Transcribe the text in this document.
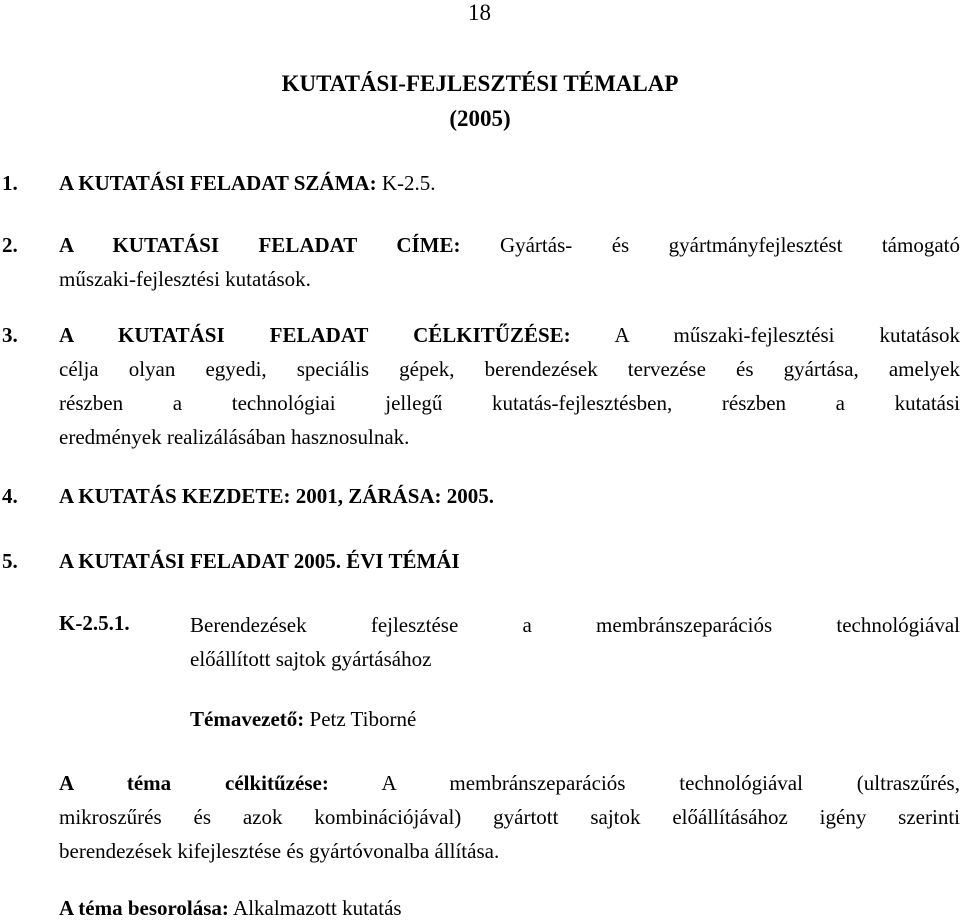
18
KUTATÁSI-FEJLESZTÉSI TÉMALAP
(2005)
1. A KUTATÁSI FELADAT SZÁMA: K-2.5.
2.	A KUTATÁSI FELADAT CÍME: Gyártás- és gyártmányfejlesztést támogató
műszaki-fejlesztési kutatások.
3.	A KUTATÁSI FELADAT CÉLKITŰZÉSE: A műszaki-fejlesztési kutatások
célja olyan egyedi, speciális gépek, berendezések tervezése és gyártása, amelyek
részben a technológiai jellegű kutatás-fejlesztésben, részben a kutatási
eredmények realizálásában hasznosulnak.
4. A KUTATÁS KEZDETE: 2001, ZÁRÁSA: 2005.
5. A KUTATÁSI FELADAT 2005. ÉVI TÉMÁI
K-2.5.1.	Berendezések fejlesztése a membránszeparációs technológiával
előállított sajtok gyártásához
Témavezető: Petz Tiborné
A téma célkitűzése: A membránszeparációs technológiával (ultraszűrés,
mikroszűrés és azok kombinációjával) gyártott sajtok előállításához igény szerinti
berendezések kifejlesztése és gyártóvonalba állítása.
A téma besorolása: Alkalmazott kutatás
